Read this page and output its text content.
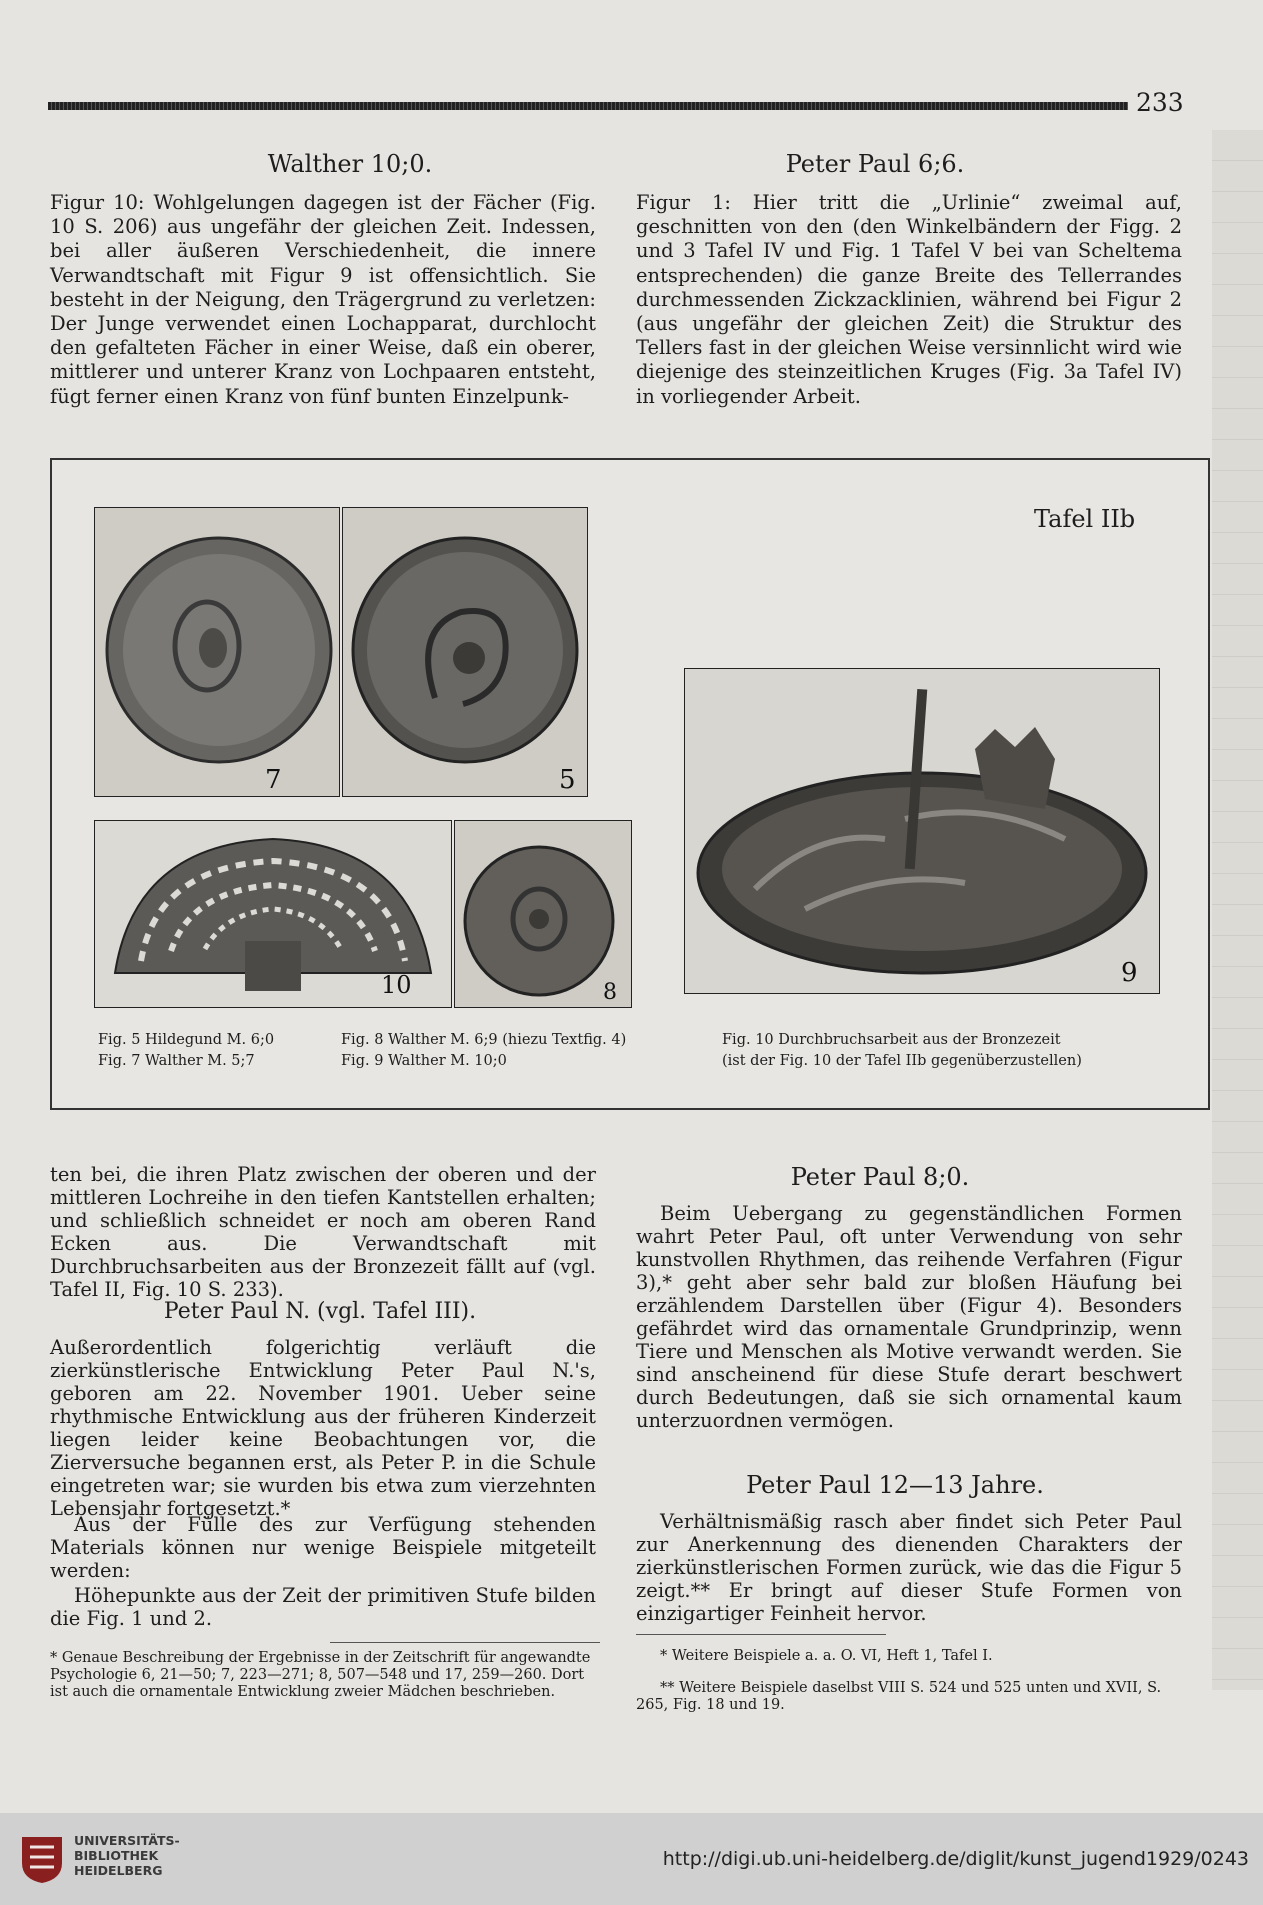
233
Walther 10;0.

Figur 10: Wohlgelungen dagegen ist der Fächer (Fig. 10 S. 206) aus ungefähr der gleichen Zeit. Indessen, bei aller äußeren Verschiedenheit, die innere Verwandtschaft mit Figur 9 ist offensichtlich. Sie besteht in der Neigung, den Trägergrund zu verletzen: Der Junge verwendet einen Lochapparat, durchlocht den gefalteten Fächer in einer Weise, daß ein oberer, mittlerer und unterer Kranz von Lochpaaren entsteht, fügt ferner einen Kranz von fünf bunten Einzelpunk-

Peter Paul 6;6.

Figur 1: Hier tritt die „Urlinie“ zweimal auf, geschnitten von den (den Winkelbändern der Figg. 2 und 3 Tafel IV und Fig. 1 Tafel V bei van Scheltema entsprechenden) die ganze Breite des Tellerrandes durchmessenden Zickzacklinien, während bei Figur 2 (aus ungefähr der gleichen Zeit) die Struktur des Tellers fast in der gleichen Weise versinnlicht wird wie diejenige des steinzeitlichen Kruges (Fig. 3a Tafel IV) in vorliegender Arbeit.

Tafel IIb
7	5
10	8
9
Fig. 5 Hildegund M. 6;0
Fig. 7 Walther M. 5;7
Fig. 8 Walther M. 6;9 (hiezu Textfig. 4)
Fig. 9 Walther M. 10;0
Fig. 10 Durchbruchsarbeit aus der Bronzezeit
(ist der Fig. 10 der Tafel IIb gegenüberzustellen)

ten bei, die ihren Platz zwischen der oberen und der mittleren Lochreihe in den tiefen Kantstellen erhalten; und schließlich schneidet er noch am oberen Rand Ecken aus. Die Verwandtschaft mit Durchbruchsarbeiten aus der Bronzezeit fällt auf (vgl. Tafel II, Fig. 10 S. 233).

Peter Paul N. (vgl. Tafel III).

Außerordentlich folgerichtig verläuft die zierkünstlerische Entwicklung Peter Paul N.'s, geboren am 22. November 1901. Ueber seine rhythmische Entwicklung aus der früheren Kinderzeit liegen leider keine Beobachtungen vor, die Zierversuche begannen erst, als Peter P. in die Schule eingetreten war; sie wurden bis etwa zum vierzehnten Lebensjahr fortgesetzt.*

Aus der Fülle des zur Verfügung stehenden Materials können nur wenige Beispiele mitgeteilt werden:

Höhepunkte aus der Zeit der primitiven Stufe bilden die Fig. 1 und 2.

* Genaue Beschreibung der Ergebnisse in der Zeitschrift für angewandte Psychologie 6, 21—50; 7, 223—271; 8, 507—548 und 17, 259—260. Dort ist auch die ornamentale Entwicklung zweier Mädchen beschrieben.

Peter Paul 8;0.

Beim Uebergang zu gegenständlichen Formen wahrt Peter Paul, oft unter Verwendung von sehr kunstvollen Rhythmen, das reihende Verfahren (Figur 3),* geht aber sehr bald zur bloßen Häufung bei erzählendem Darstellen über (Figur 4). Besonders gefährdet wird das ornamentale Grundprinzip, wenn Tiere und Menschen als Motive verwandt werden. Sie sind anscheinend für diese Stufe derart beschwert durch Bedeutungen, daß sie sich ornamental kaum unterzuordnen vermögen.

Peter Paul 12—13 Jahre.

Verhältnismäßig rasch aber findet sich Peter Paul zur Anerkennung des dienenden Charakters der zierkünstlerischen Formen zurück, wie das die Figur 5 zeigt.** Er bringt auf dieser Stufe Formen von einzigartiger Feinheit hervor.

* Weitere Beispiele a. a. O. VI, Heft 1, Tafel I.

** Weitere Beispiele daselbst VIII S. 524 und 525 unten und XVII, S. 265, Fig. 18 und 19.

UNIVERSITÄTS-
BIBLIOTHEK
HEIDELBERG
http://digi.ub.uni-heidelberg.de/diglit/kunst_jugend1929/0243
